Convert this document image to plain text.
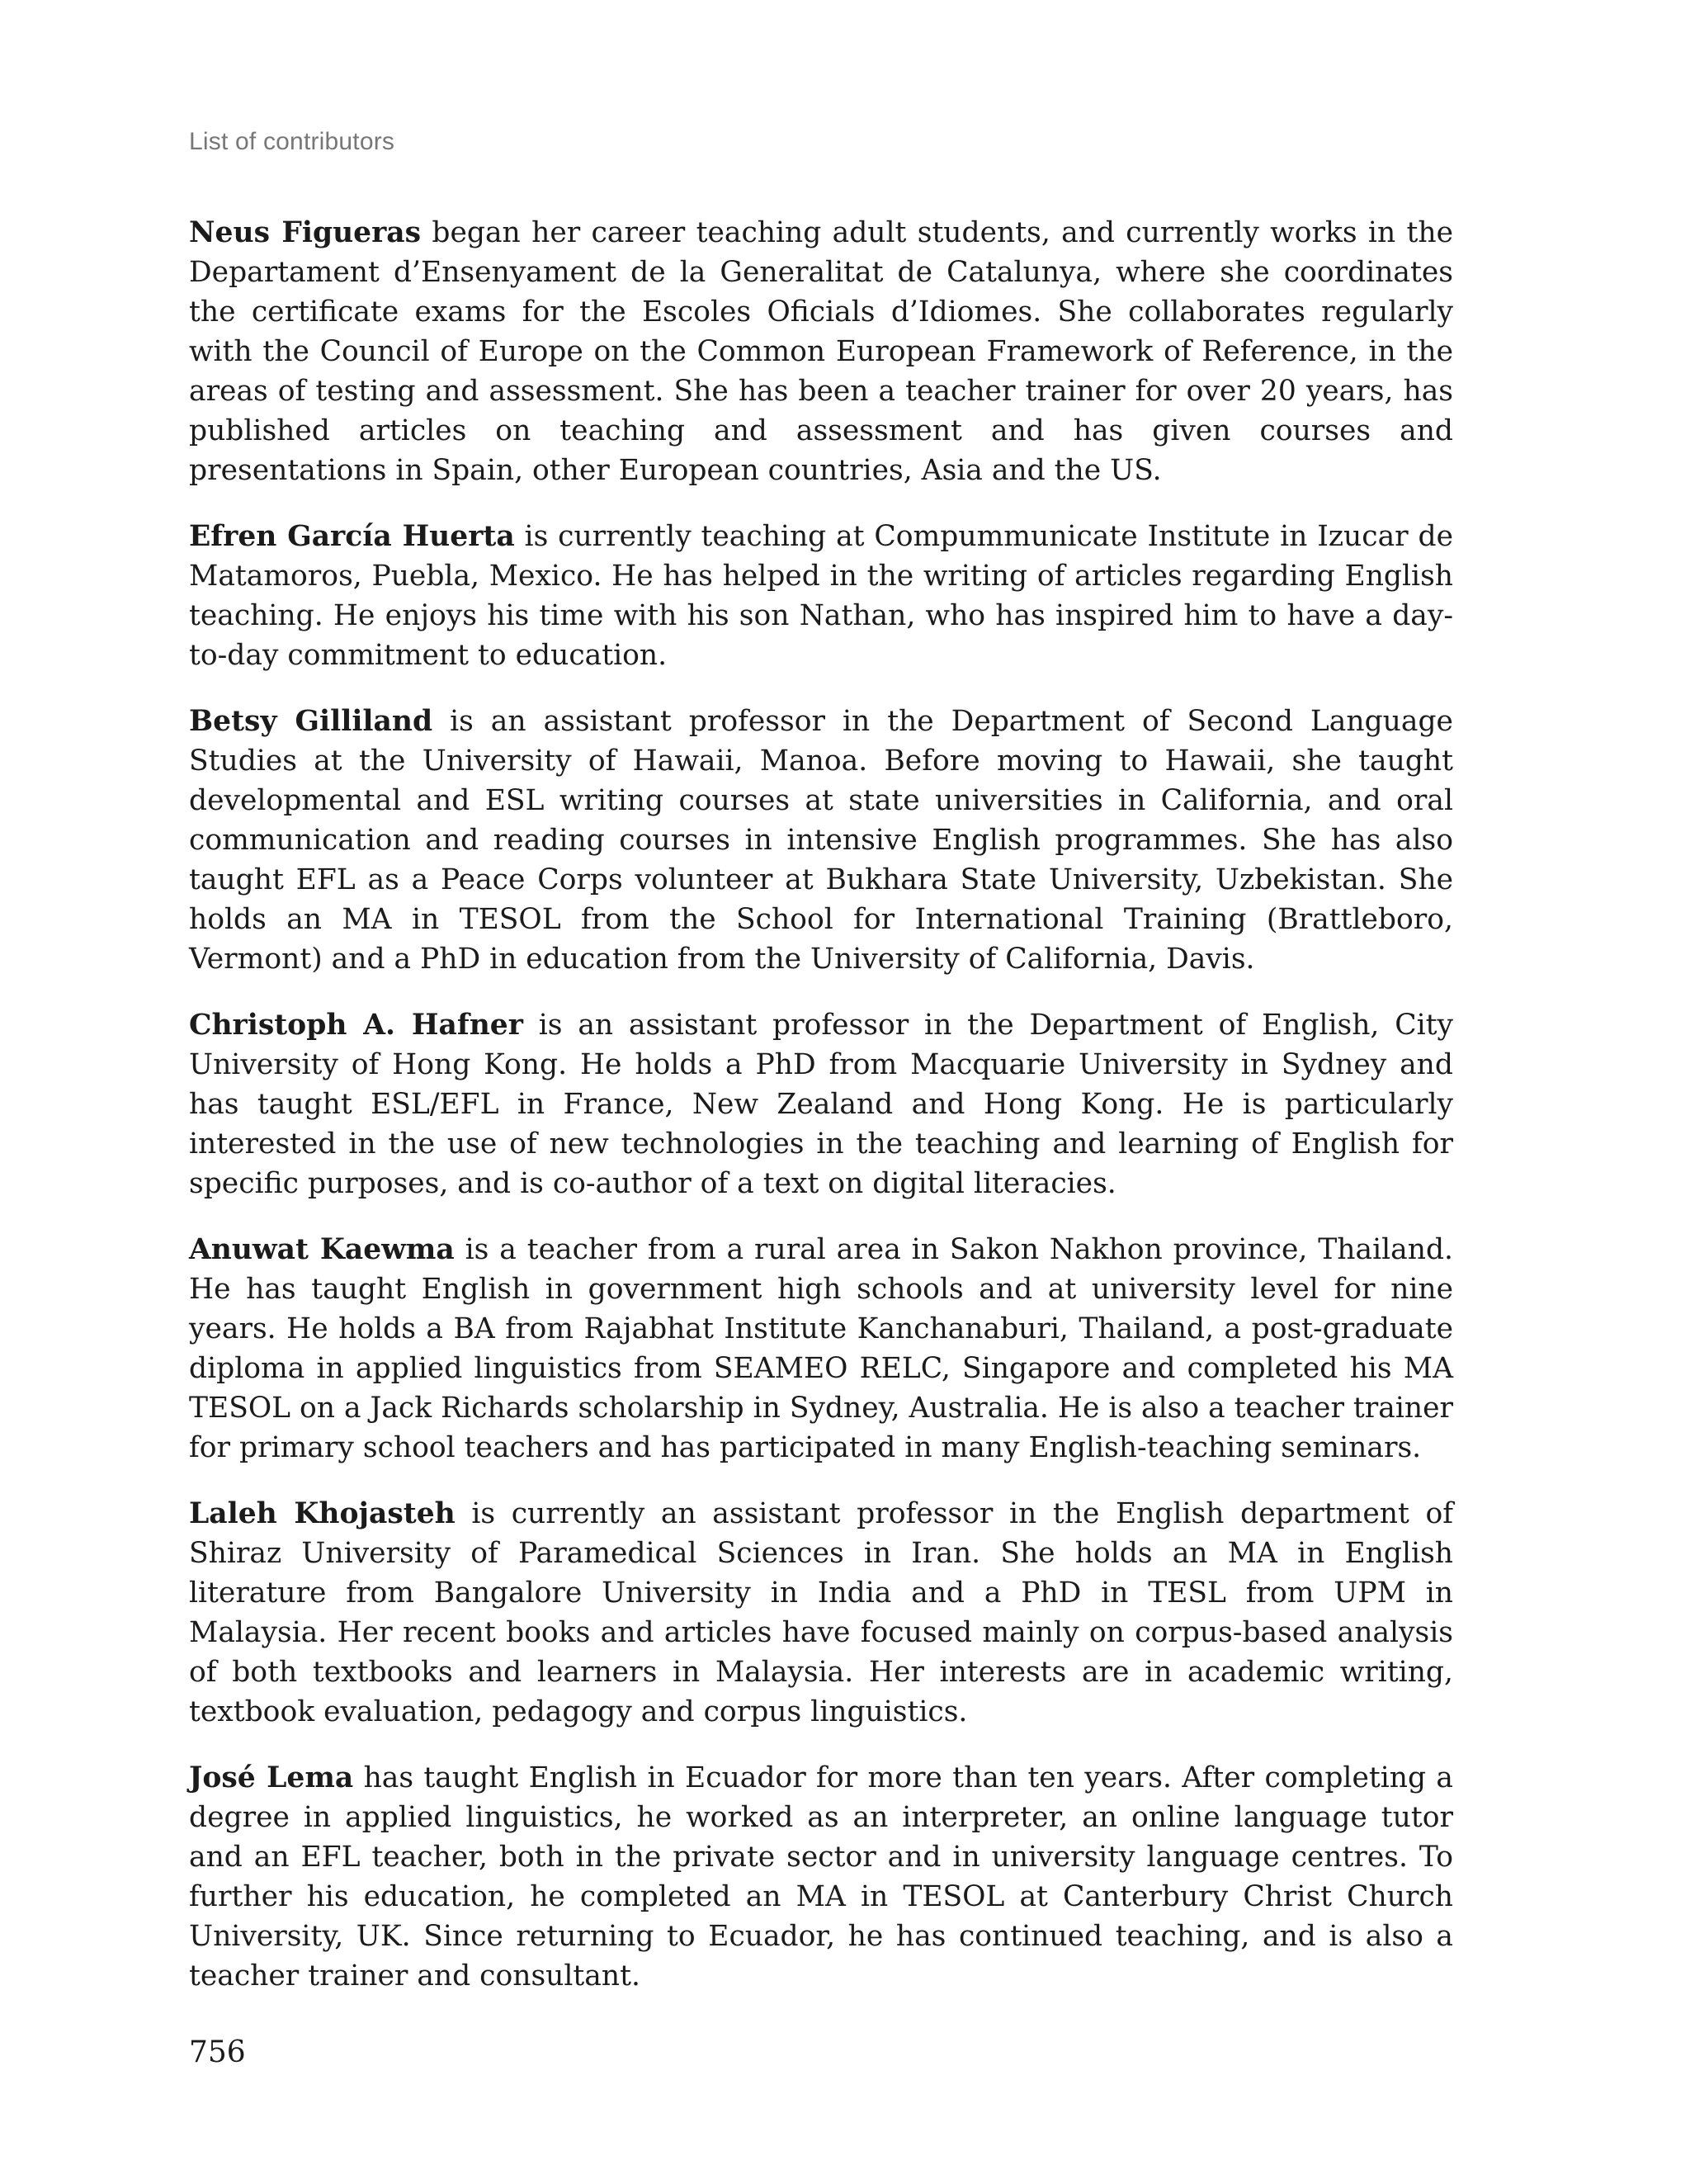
List of contributors

Neus Figueras began her career teaching adult students, and currently works in the Departament d’Ensenyament de la Generalitat de Catalunya, where she coordinates the certificate exams for the Escoles Oficials d’Idiomes. She collaborates regularly with the Council of Europe on the Common European Framework of Reference, in the areas of testing and assessment. She has been a teacher trainer for over 20 years, has published articles on teaching and assessment and has given courses and presentations in Spain, other European countries, Asia and the US.

Efren García Huerta is currently teaching at Compummunicate Institute in Izucar de Matamoros, Puebla, Mexico. He has helped in the writing of articles regarding English teaching. He enjoys his time with his son Nathan, who has inspired him to have a day-to-day commitment to education.

Betsy Gilliland is an assistant professor in the Department of Second Language Studies at the University of Hawaii, Manoa. Before moving to Hawaii, she taught developmental and ESL writing courses at state universities in California, and oral communication and reading courses in intensive English programmes. She has also taught EFL as a Peace Corps volunteer at Bukhara State University, Uzbekistan. She holds an MA in TESOL from the School for International Training (Brattleboro, Vermont) and a PhD in education from the University of California, Davis.

Christoph A. Hafner is an assistant professor in the Department of English, City University of Hong Kong. He holds a PhD from Macquarie University in Sydney and has taught ESL/EFL in France, New Zealand and Hong Kong. He is particularly interested in the use of new technologies in the teaching and learning of English for specific purposes, and is co-author of a text on digital literacies.

Anuwat Kaewma is a teacher from a rural area in Sakon Nakhon province, Thailand. He has taught English in government high schools and at university level for nine years. He holds a BA from Rajabhat Institute Kanchanaburi, Thailand, a post-graduate diploma in applied linguistics from SEAMEO RELC, Singapore and completed his MA TESOL on a Jack Richards scholarship in Sydney, Australia. He is also a teacher trainer for primary school teachers and has participated in many English-teaching seminars.

Laleh Khojasteh is currently an assistant professor in the English department of Shiraz University of Paramedical Sciences in Iran. She holds an MA in English literature from Bangalore University in India and a PhD in TESL from UPM in Malaysia. Her recent books and articles have focused mainly on corpus-based analysis of both textbooks and learners in Malaysia. Her interests are in academic writing, textbook evaluation, pedagogy and corpus linguistics.

José Lema has taught English in Ecuador for more than ten years. After completing a degree in applied linguistics, he worked as an interpreter, an online language tutor and an EFL teacher, both in the private sector and in university language centres. To further his education, he completed an MA in TESOL at Canterbury Christ Church University, UK. Since returning to Ecuador, he has continued teaching, and is also a teacher trainer and consultant.

756
